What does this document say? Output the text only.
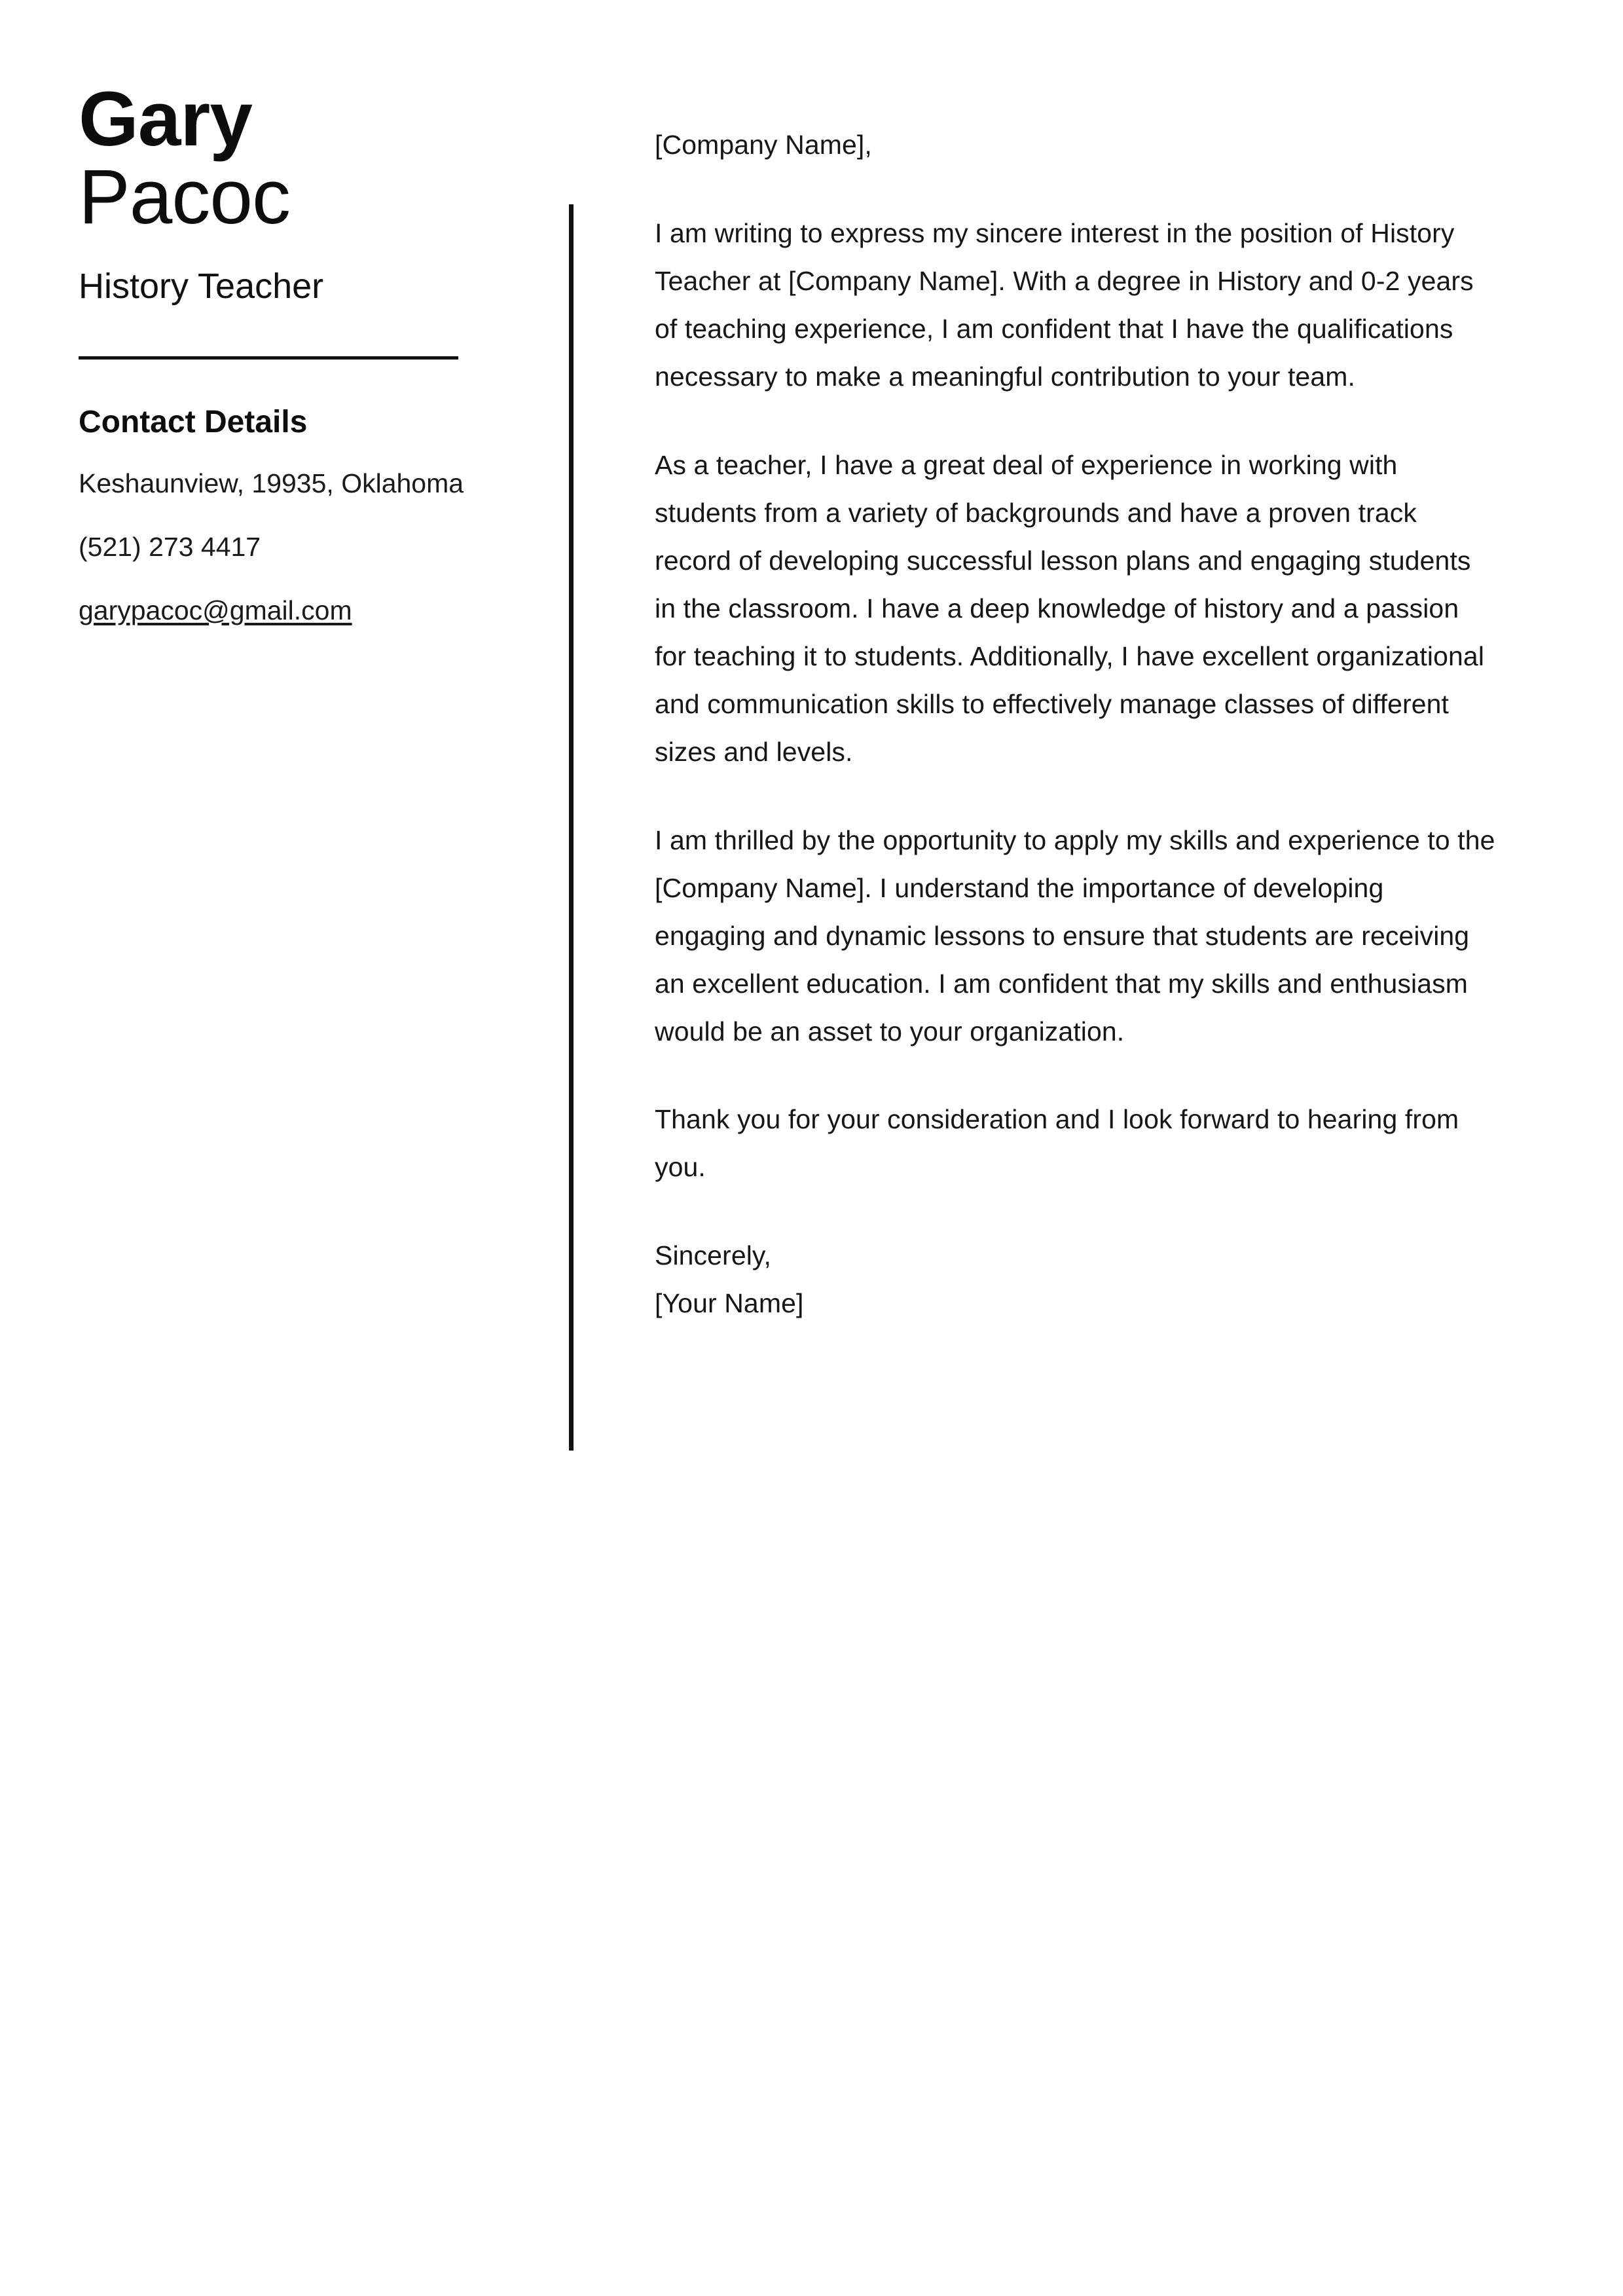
Gary
Pacoc
History Teacher
Contact Details
Keshaunview, 19935, Oklahoma
(521) 273 4417
garypacoc@gmail.com

[Company Name],

I am writing to express my sincere interest in the position of History Teacher at [Company Name]. With a degree in History and 0-2 years of teaching experience, I am confident that I have the qualifications necessary to make a meaningful contribution to your team.

As a teacher, I have a great deal of experience in working with students from a variety of backgrounds and have a proven track record of developing successful lesson plans and engaging students in the classroom. I have a deep knowledge of history and a passion for teaching it to students. Additionally, I have excellent organizational and communication skills to effectively manage classes of different sizes and levels.

I am thrilled by the opportunity to apply my skills and experience to the [Company Name]. I understand the importance of developing engaging and dynamic lessons to ensure that students are receiving an excellent education. I am confident that my skills and enthusiasm would be an asset to your organization.

Thank you for your consideration and I look forward to hearing from you.

Sincerely,
[Your Name]
